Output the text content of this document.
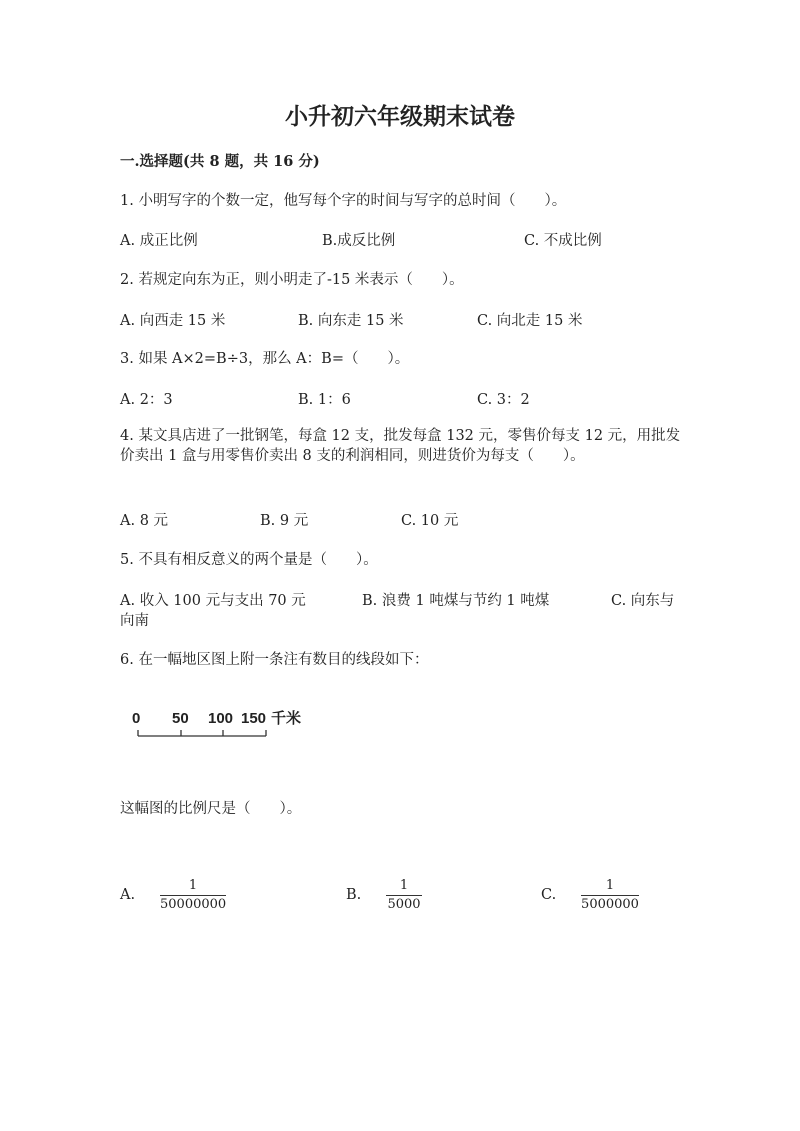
小升初六年级期末试卷
一.选择题(共 8 题，共 16 分)
1. 小明写字的个数一定，他写每个字的时间与写字的总时间（　　）。
A. 成正比例	B.成反比例	C. 不成比例
2. 若规定向东为正，则小明走了-15 米表示（　　）。
A. 向西走 15 米	B. 向东走 15 米	C. 向北走 15 米
3. 如果 A×2=B÷3，那么 A：B=（　　）。
A. 2：3	B. 1：6	C. 3：2
4. 某文具店进了一批钢笔，每盒 12 支，批发每盒 132 元，零售价每支 12 元，用批发价卖出 1 盒与用零售价卖出 8 支的利润相同，则进货价为每支（　　）。
A. 8 元	B. 9 元	C. 10 元
5. 不具有相反意义的两个量是（　　）。
A. 收入 100 元与支出 70 元	B. 浪费 1 吨煤与节约 1 吨煤	C. 向东与
向南
6. 在一幅地区图上附一条注有数目的线段如下：
0 50 100 150 千米
这幅图的比例尺是（　　）。
A.
1
50000000
B.
1
5000
C.
1
5000000
